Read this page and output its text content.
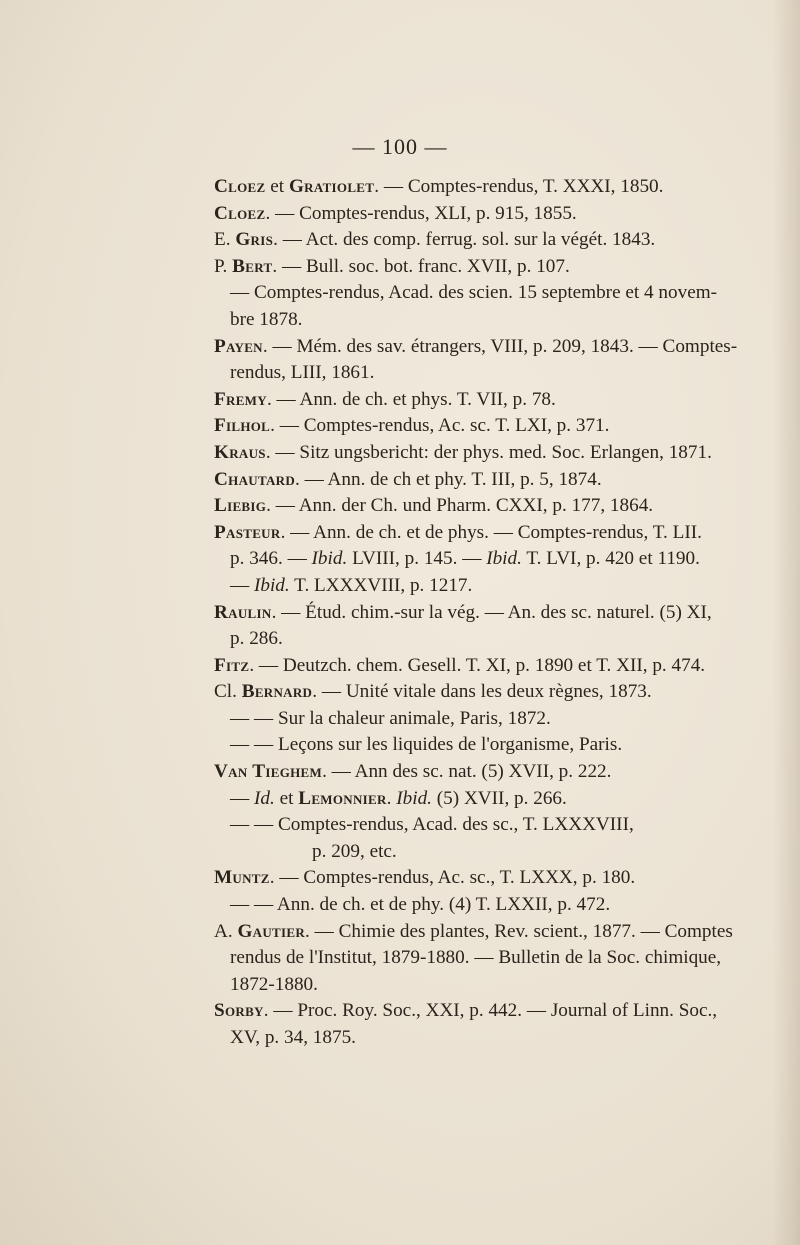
— 100 —
Cloez et Gratiolet. — Comptes-rendus, T. XXXI, 1850.
Cloez. — Comptes-rendus, XLI, p. 915, 1855.
E. Gris. — Act. des comp. ferrug. sol. sur la végét. 1843.
P. Bert. — Bull. soc. bot. franc. XVII, p. 107.
— Comptes-rendus, Acad. des scien. 15 septembre et 4 novem-
bre 1878.
Payen. — Mém. des sav. étrangers, VIII, p. 209, 1843. — Comptes-
rendus, LIII, 1861.
Fremy. — Ann. de ch. et phys. T. VII, p. 78.
Filhol. — Comptes-rendus, Ac. sc. T. LXI, p. 371.
Kraus. — Sitz ungsbericht: der phys. med. Soc. Erlangen, 1871.
Chautard. — Ann. de ch et phy. T. III, p. 5, 1874.
Liebig. — Ann. der Ch. und Pharm. CXXI, p. 177, 1864.
Pasteur. — Ann. de ch. et de phys. — Comptes-rendus, T. LII.
p. 346. — Ibid. LVIII, p. 145. — Ibid. T. LVI, p. 420 et 1190.
— Ibid. T. LXXXVIII, p. 1217.
Raulin. — Étud. chim.-sur la vég. — An. des sc. naturel. (5) XI,
p. 286.
Fitz. — Deutzch. chem. Gesell. T. XI, p. 1890 et T. XII, p. 474.
Cl. Bernard. — Unité vitale dans les deux règnes, 1873.
— — Sur la chaleur animale, Paris, 1872.
— — Leçons sur les liquides de l'organisme, Paris.
Van Tieghem. — Ann des sc. nat. (5) XVII, p. 222.
— Id. et Lemonnier. Ibid. (5) XVII, p. 266.
— — Comptes-rendus, Acad. des sc., T. LXXXVIII,
p. 209, etc.
Muntz. — Comptes-rendus, Ac. sc., T. LXXX, p. 180.
— — Ann. de ch. et de phy. (4) T. LXXII, p. 472.
A. Gautier. — Chimie des plantes, Rev. scient., 1877. — Comptes
rendus de l'Institut, 1879-1880. — Bulletin de la Soc. chimique,
1872-1880.
Sorby. — Proc. Roy. Soc., XXI, p. 442. — Journal of Linn. Soc.,
XV, p. 34, 1875.
